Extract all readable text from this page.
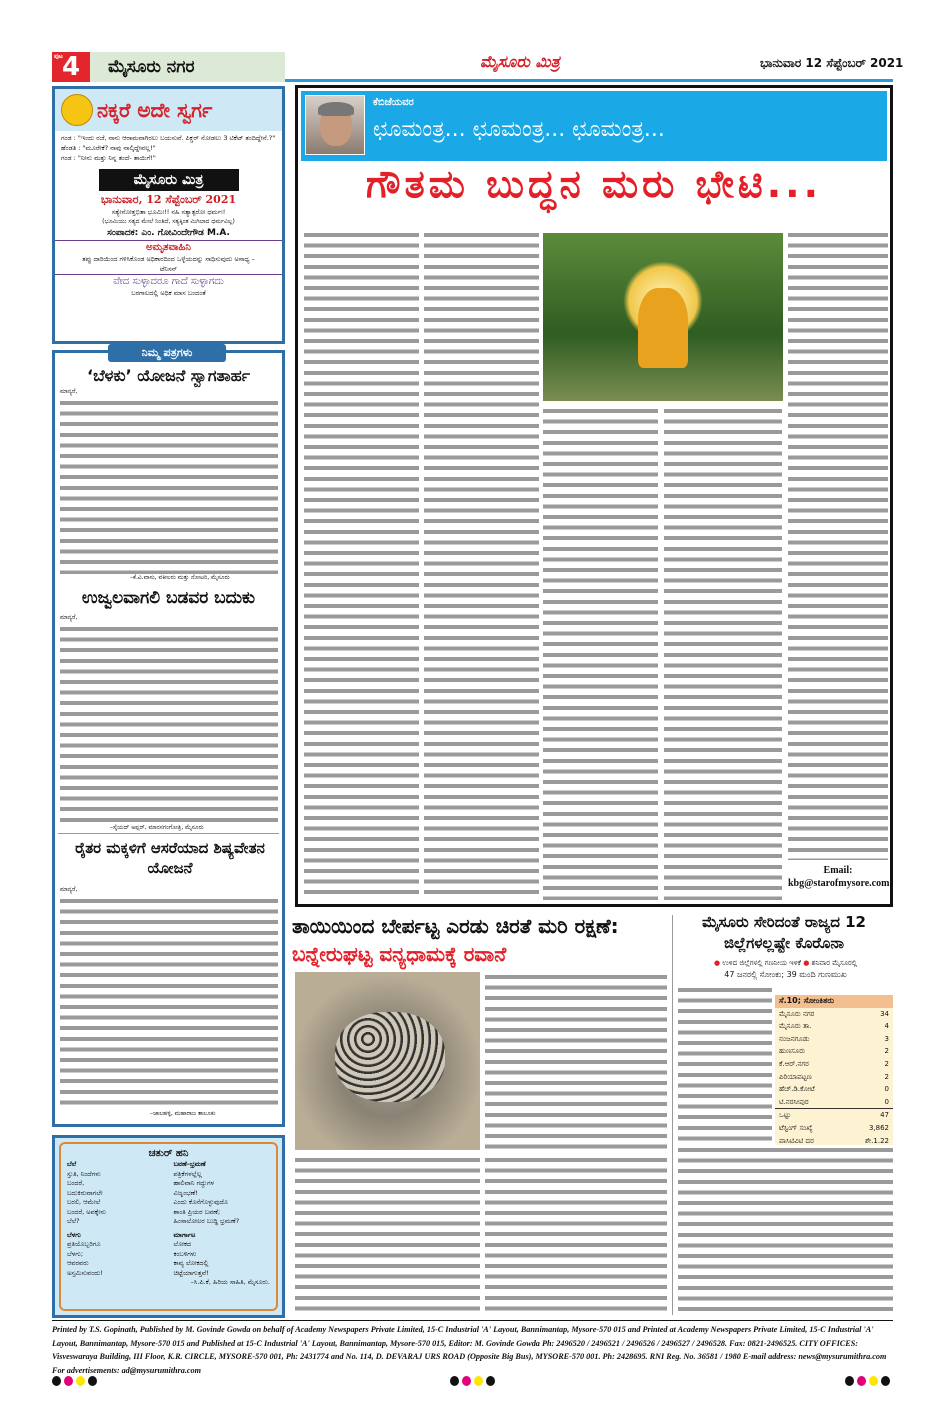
ಪುಟ 4	ಮೈಸೂರು ನಗರ	ಮೈಸೂರು ಮಿತ್ರ	ಭಾನುವಾರ 12 ಸೆಪ್ಟೆಂಬರ್ 2021
ನಕ್ಕರೆ ಅದೇ ಸ್ವರ್ಗ
ಗಂಡ : "ಇಂದು ರಜೆ, ನಾನು ಆರಾಮವಾಗಿರಲು ಬಯಸುವೆ. ಪಿಕ್ಚರ್ ನೋಡಲು 3 ಟಿಕೆಟ್ ತಂದಿದ್ದೇನೆ.?"
ಹೆಂಡತಿ : "ಮೂರೇಕೆ? ನಾವು ನಾಲ್ಕಿದ್ದೇವಲ್ಲ!"
ಗಂಡ : "ನೀನು ಮತ್ತು ನಿನ್ನ ತಂದೆ- ತಾಯಿಗೆ!"
ಮೈಸೂರು ಮಿತ್ರ
ಭಾನುವಾರ, 12 ಸೆಪ್ಟೆಂಬರ್ 2021
ಸತ್ಯೇನೋತ್ತಭಿತಾ ಭೂಮಿಃ!! ನಹಿ ಸತ್ಯಾತ್ಪರೋ ಧರ್ಮಃ!
(ಭೂಮಿಯು ಸತ್ಯದ ಮೇಲೆ ನಿಂತಿದೆ, ಸತ್ಯಕ್ಕಿಂತ ಮಿಗಿಲಾದ ಧರ್ಮವಿಲ್ಲ)
ಸಂಪಾದಕ: ಎಂ. ಗೋವಿಂದೇಗೌಡ M.A.
ಅಮೃತವಾಹಿನಿ
ತಪ್ಪು ದಾರಿಯಿಂದ ಗಳಿಸಿಕೊಂಡ ಅಧಿಕಾರದಿಂದ ಒಳ್ಳೆಯದನ್ನು ಸಾಧಿಸುವುದು ಅಸಾಧ್ಯ – ಟೆನಿಸನ್
ವೇದ ಸುಳ್ಳಾದರೂ ಗಾದೆ ಸುಳ್ಳಾಗದು
ಬರಗಾಲದಲ್ಲಿ ಅಧಿಕ ಮಾಸ ಬಂದಂತೆ
ನಿಮ್ಮ ಪತ್ರಗಳು
‘ಬೆಳಕು’ ಯೋಜನೆ ಸ್ವಾಗತಾರ್ಹ
ಮಾನ್ಯರೆ,
–ಕೆ.ವಿ.ವಾಸು, ವಕೀಲರು ಮತ್ತು ನೋಟರಿ, ಮೈಸೂರು
ಉಜ್ವಲವಾಗಲಿ ಬಡವರ ಬದುಕು
ಮಾನ್ಯರೆ,
–ಸೈಯದ್ ಅಫ್ಸರ್, ಮಾನಸಗಂಗೋತ್ರಿ, ಮೈಸೂರು
ರೈತರ ಮಕ್ಕಳಿಗೆ ಆಸರೆಯಾದ ಶಿಷ್ಯವೇತನ ಯೋಜನೆ
ಮಾನ್ಯರೆ,
–ಜಾಲಹಳ್ಳಿ, ಮಹಾರಾಜ ತಾಲೂಕು
ಚತುರ್ ಹನಿ
ಬೆಲೆ
ಸ್ತುತಿ, ನಿಂದೆಗಳು
ಬಂದರೆ,
ಬದುಕಿರುವಾಗಲೇ
ಬರಲಿ, ಆಮೇಲೆ
ಬಂದರೆ, ಅವಕ್ಕೇನು
ಬೆಲೆ?
ಬವಣೆ–ಭ್ರಮಣೆ
ಪತ್ರಿಕೆಗಳಲ್ಲೆಲ್ಲ
ಹಾಲಿವಾನಿ ಗದ್ದುಗಳ
ವಿಜೃಂಭಣೆ!
ಎಂದು ಕೊನೆಗೊಳ್ಳುವುದೊ
ಶಾಂತಿ ಪ್ರಿಯರ ಬವಣೆ;
ಹಿಂಸಾಲೋಲರ ಬುದ್ಧಿ ಭ್ರಮಣೆ?
ಬೆಳಗು
ಪ್ರತಿಯೊಬ್ಬರಿಗೂ
ಬೆಳಗು;
ಆವರವರು
ಅಸ್ತಮಿಸುವಂದು!
ಮಾರ್ಗಾಟ
ಲೋಕದ
ಕಂಬಳಿಗಳು
ಕಾವ್ಯ ಲೋಕದಲ್ಲಿ
ಚಿಟ್ಟೆಯಾಗುತ್ತವೆ!
–ಸಿ.ಪಿ.ಕೆ, ಹಿರಿಯ ಸಾಹಿತಿ, ಮೈಸೂರು.
ಕೆಬಿಜೆಯವರ
ಛೂಮಂತ್ರ... ಛೂಮಂತ್ರ... ಛೂಮಂತ್ರ...
ಗೌತಮ ಬುದ್ಧನ ಮರು ಭೇಟಿ...
Email:
kbg@starofmysore.com
ತಾಯಿಯಿಂದ ಬೇರ್ಪಟ್ಟ ಎರಡು ಚಿರತೆ ಮರಿ ರಕ್ಷಣೆ: ಬನ್ನೇರುಘಟ್ಟ ವನ್ಯಧಾಮಕ್ಕೆ ರವಾನೆ
ಮೈಸೂರು ಸೇರಿದಂತೆ ರಾಜ್ಯದ 12 ಜಿಲ್ಲೆಗಳಲ್ಲಷ್ಟೇ ಕೊರೊನಾ
● ಉಳಿದ ಜಿಲ್ಲೆಗಳಲ್ಲಿ ಗಣನೀಯ ಇಳಿಕೆ ● ಶನಿವಾರ ಮೈಸೂರಲ್ಲಿ
47 ಜನರಲ್ಲಿ ಸೋಂಕು; 39 ಮಂದಿ ಗುಣಮುಖ
ಸೆ.10; ಸೋಂಕಿತರು
ಮೈಸೂರು ನಗರ	34
ಮೈಸೂರು ತಾ.	4
ನಂಜನಗೂಡು	3
ಹುಣಸೂರು	2
ಕೆ.ಆರ್.ನಗರ	2
ಪಿರಿಯಾಪಟ್ಟಣ	2
ಹೆಚ್.ಡಿ.ಕೋಟೆ	0
ಟಿ.ನರಸೀಪುರ	0
ಒಟ್ಟು	47
ಟೆಸ್ಟಿಂಗ್ ಸಂಖ್ಯೆ	3,862
ಪಾಸಿಟಿವಿಟಿ ದರ	ಶೇ.1.22
Printed by T.S. Gopinath, Published by M. Govinde Gowda on behalf of Academy Newspapers Private Limited, 15-C Industrial 'A' Layout, Bannimantap, Mysore-570 015 and Printed at Academy Newspapers Private Limited, 15-C Industrial 'A' Layout, Bannimantap, Mysore-570 015 and Published at 15-C Industrial 'A' Layout, Bannimantap, Mysore-570 015, Editor: M. Govinde Gowda Ph: 2496520 / 2496521 / 2496526 / 2496527 / 2496528. Fax: 0821-2496525. CITY OFFICES: Visveswaraya Building, III Floor, K.R. CIRCLE, MYSORE-570 001, Ph: 2431774 and No. 114, D. DEVARAJ URS ROAD (Opposite Big Bus), MYSORE-570 001. Ph: 2428695. RNI Reg. No. 36581 / 1980 E-mail address: news@mysurumithra.com For advertisements: ad@mysurumithra.com
